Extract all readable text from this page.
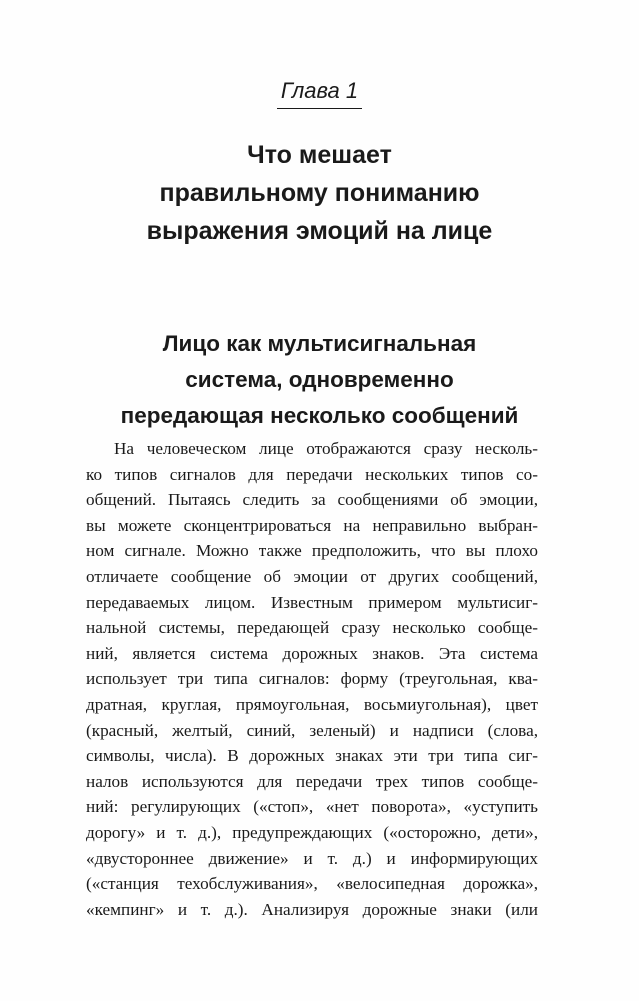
Глава 1
Что мешает
правильному пониманию
выражения эмоций на лице
Лицо как мультисигнальная
система, одновременно
передающая несколько сообщений
На человеческом лице отображаются сразу несколь-
ко типов сигналов для передачи нескольких типов со-
общений. Пытаясь следить за сообщениями об эмоции,
вы можете сконцентрироваться на неправильно выбран-
ном сигнале. Можно также предположить, что вы плохо
отличаете сообщение об эмоции от других сообщений,
передаваемых лицом. Известным примером мультисиг-
нальной системы, передающей сразу несколько сообще-
ний, является система дорожных знаков. Эта система
использует три типа сигналов: форму (треугольная, ква-
дратная, круглая, прямоугольная, восьмиугольная), цвет
(красный, желтый, синий, зеленый) и надписи (слова,
символы, числа). В дорожных знаках эти три типа сиг-
налов используются для передачи трех типов сообще-
ний: регулирующих («стоп», «нет поворота», «уступить
дорогу» и т. д.), предупреждающих («осторожно, дети»,
«двустороннее движение» и т. д.) и информирующих
(«станция техобслуживания», «велосипедная дорожка»,
«кемпинг» и т. д.). Анализируя дорожные знаки (или
